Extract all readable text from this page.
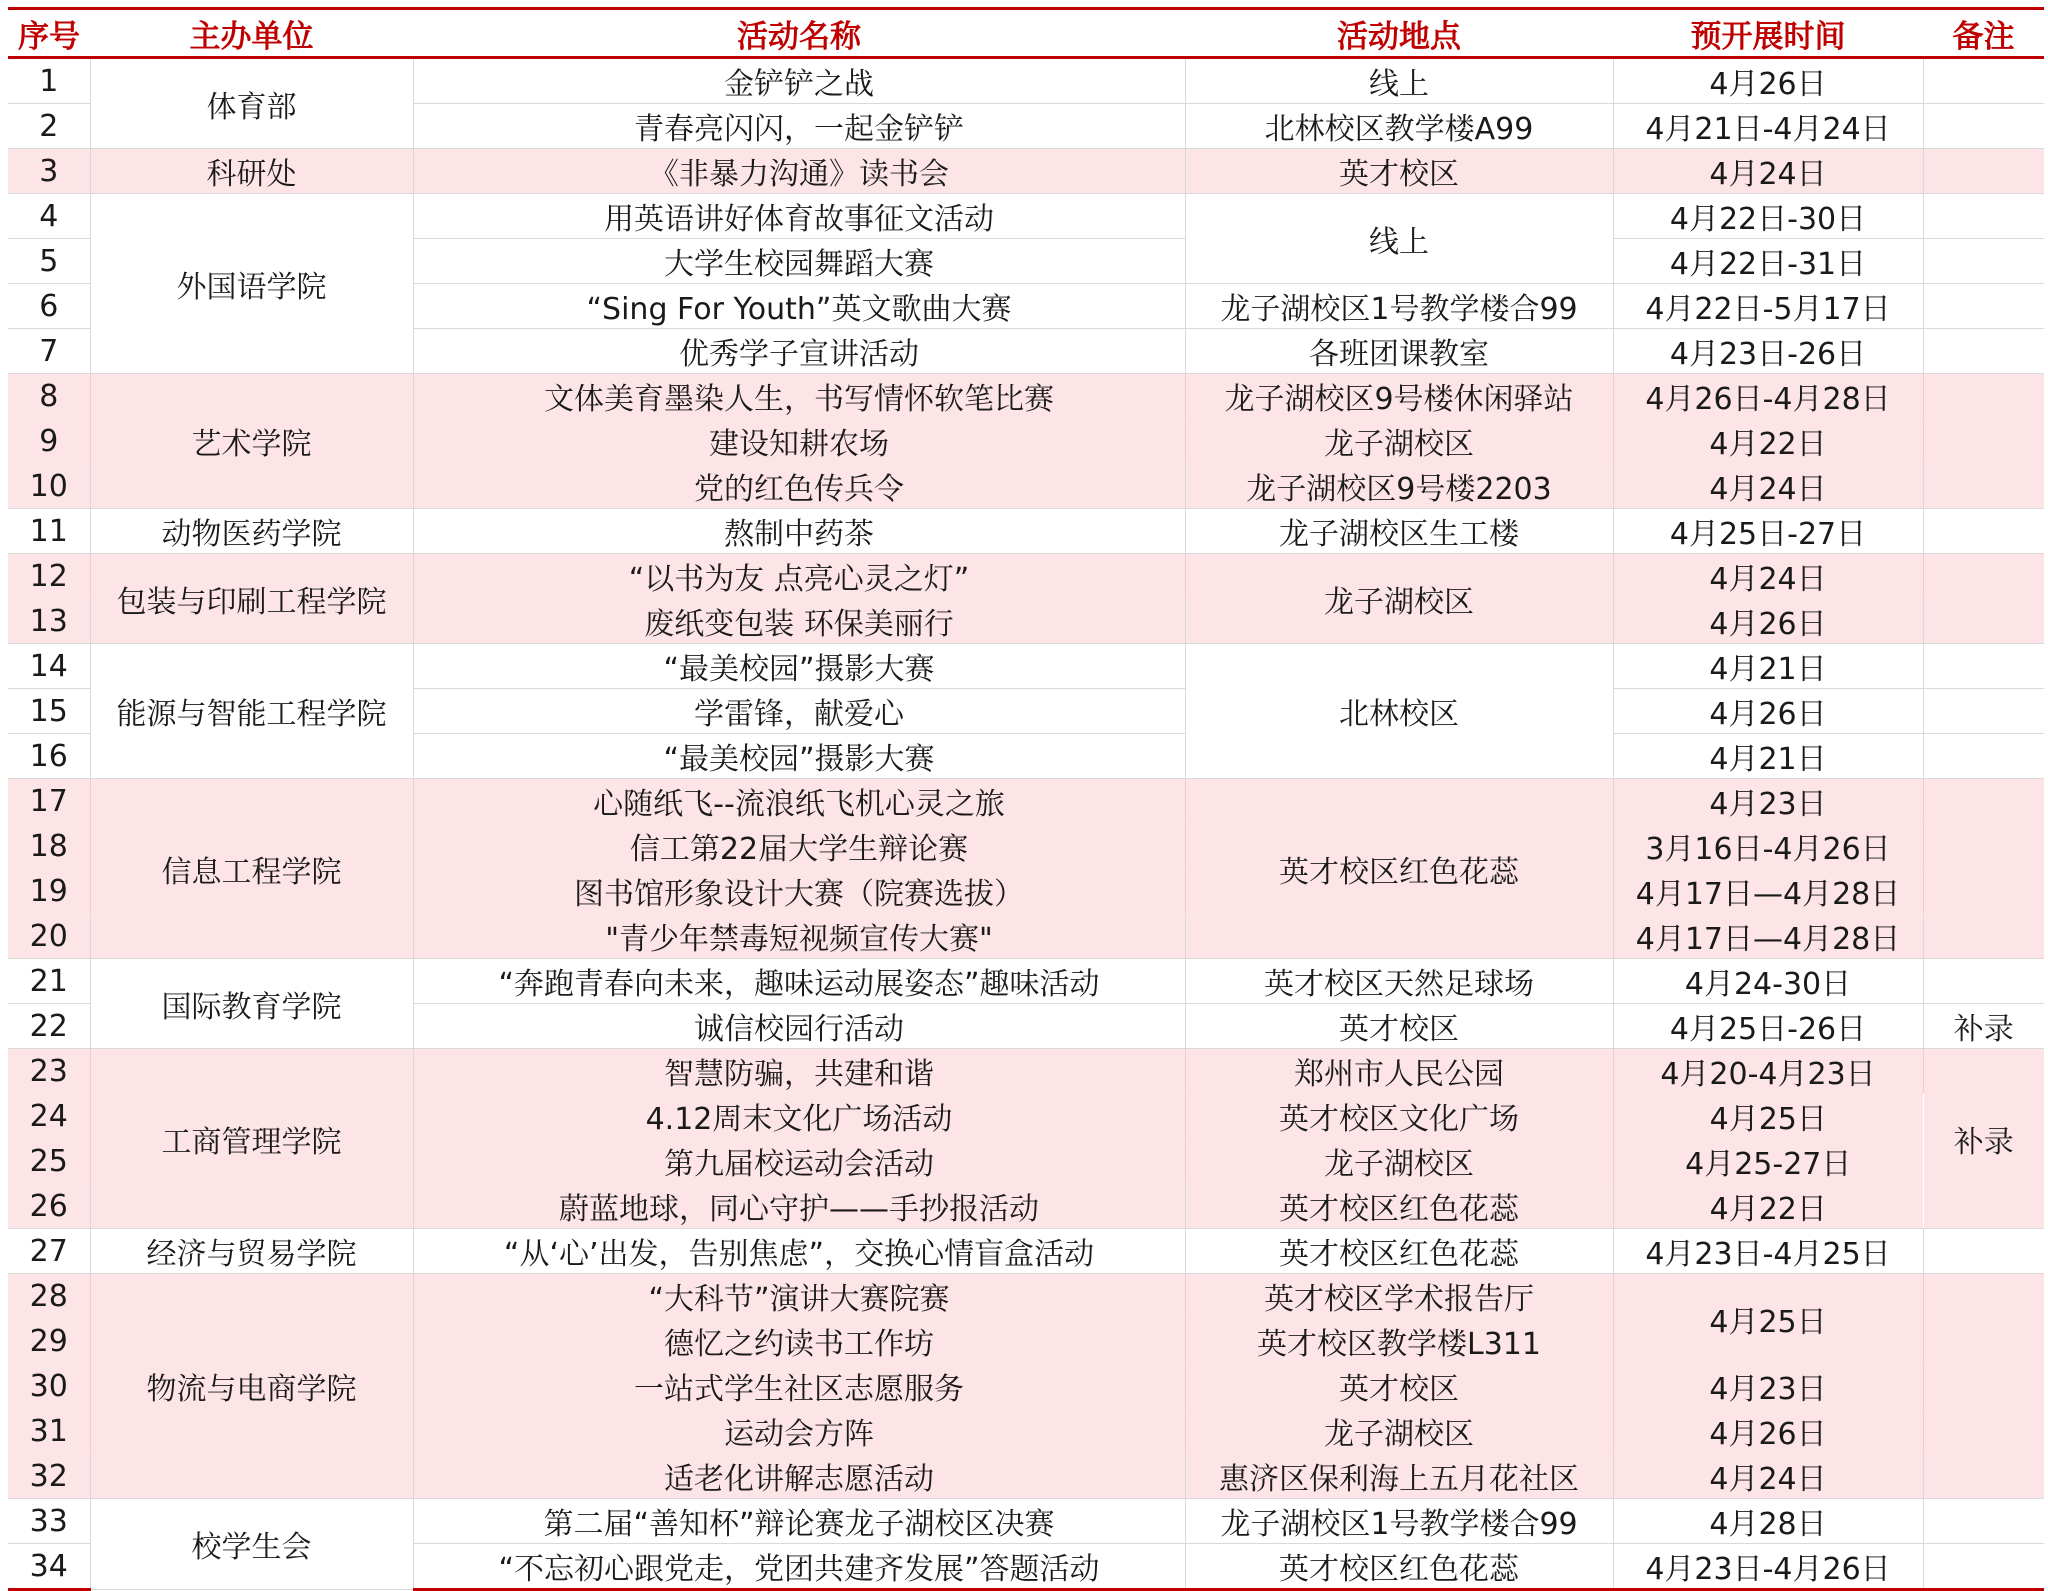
序号	主办单位	活动名称	活动地点	预开展时间	备注
1	体育部	金铲铲之战	线上	4月26日	
2		青春亮闪闪，一起金铲铲	北林校区教学楼A99	4月21日-4月24日	
3	科研处	《非暴力沟通》读书会	英才校区	4月24日	
4	外国语学院	用英语讲好体育故事征文活动	线上	4月22日-30日	
5		大学生校园舞蹈大赛		4月22日-31日	
6		“Sing For Youth”英文歌曲大赛	龙子湖校区1号教学楼合99	4月22日-5月17日	
7		优秀学子宣讲活动	各班团课教室	4月23日-26日	
8	艺术学院	文体美育墨染人生，书写情怀软笔比赛	龙子湖校区9号楼休闲驿站	4月26日-4月28日	
9		建设知耕农场	龙子湖校区	4月22日	
10		党的红色传兵令	龙子湖校区9号楼2203	4月24日	
11	动物医药学院	熬制中药茶	龙子湖校区生工楼	4月25日-27日	
12	包装与印刷工程学院	“以书为友 点亮心灵之灯”	龙子湖校区	4月24日	
13		废纸变包装 环保美丽行		4月26日	
14	能源与智能工程学院	“最美校园”摄影大赛	北林校区	4月21日	
15		学雷锋，献爱心		4月26日	
16		“最美校园”摄影大赛		4月21日	
17	信息工程学院	心随纸飞--流浪纸飞机心灵之旅	英才校区红色花蕊	4月23日	
18		信工第22届大学生辩论赛		3月16日-4月26日	
19		图书馆形象设计大赛（院赛选拔）		4月17日—4月28日	
20		"青少年禁毒短视频宣传大赛"		4月17日—4月28日	
21	国际教育学院	“奔跑青春向未来，趣味运动展姿态”趣味活动	英才校区天然足球场	4月24-30日	
22		诚信校园行活动	英才校区	4月25日-26日	补录
23	工商管理学院	智慧防骗，共建和谐	郑州市人民公园	4月20-4月23日	补录
24		4.12周末文化广场活动	英才校区文化广场	4月25日	
25		第九届校运动会活动	龙子湖校区	4月25-27日	
26		蔚蓝地球，同心守护——手抄报活动	英才校区红色花蕊	4月22日	
27	经济与贸易学院	“从‘心’出发，告别焦虑”，交换心情盲盒活动	英才校区红色花蕊	4月23日-4月25日	
28	物流与电商学院	“大科节”演讲大赛院赛	英才校区学术报告厅	4月25日	
29		德忆之约读书工作坊	英才校区教学楼L311		
30		一站式学生社区志愿服务	英才校区	4月23日	
31		运动会方阵	龙子湖校区	4月26日	
32		适老化讲解志愿活动	惠济区保利海上五月花社区	4月24日	
33	校学生会	第二届“善知杯”辩论赛龙子湖校区决赛	龙子湖校区1号教学楼合99	4月28日	
34		“不忘初心跟党走，党团共建齐发展”答题活动	英才校区红色花蕊	4月23日-4月26日	
